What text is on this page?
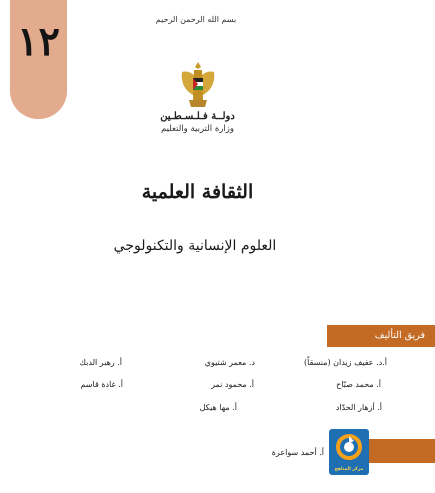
١٢	بسم الله الرحمن الرحيم
دولــة فـلـسـطـين
وزارة التربية والتعليم
الثقافة العلمية
العلوم الإنسانية والتكنولوجي
فريق التأليف
أ.د. عفيف زيدان (منسقاً)
أ. محمد صبّاح
أ. أزهار الحدّاد
د. معمر شتيوي
أ. محمود نمر
أ. مها هيكل
أ. رهبر الدبك
أ. غادة قاسم
مركز المناهج
أ. أحمد سواعرة
